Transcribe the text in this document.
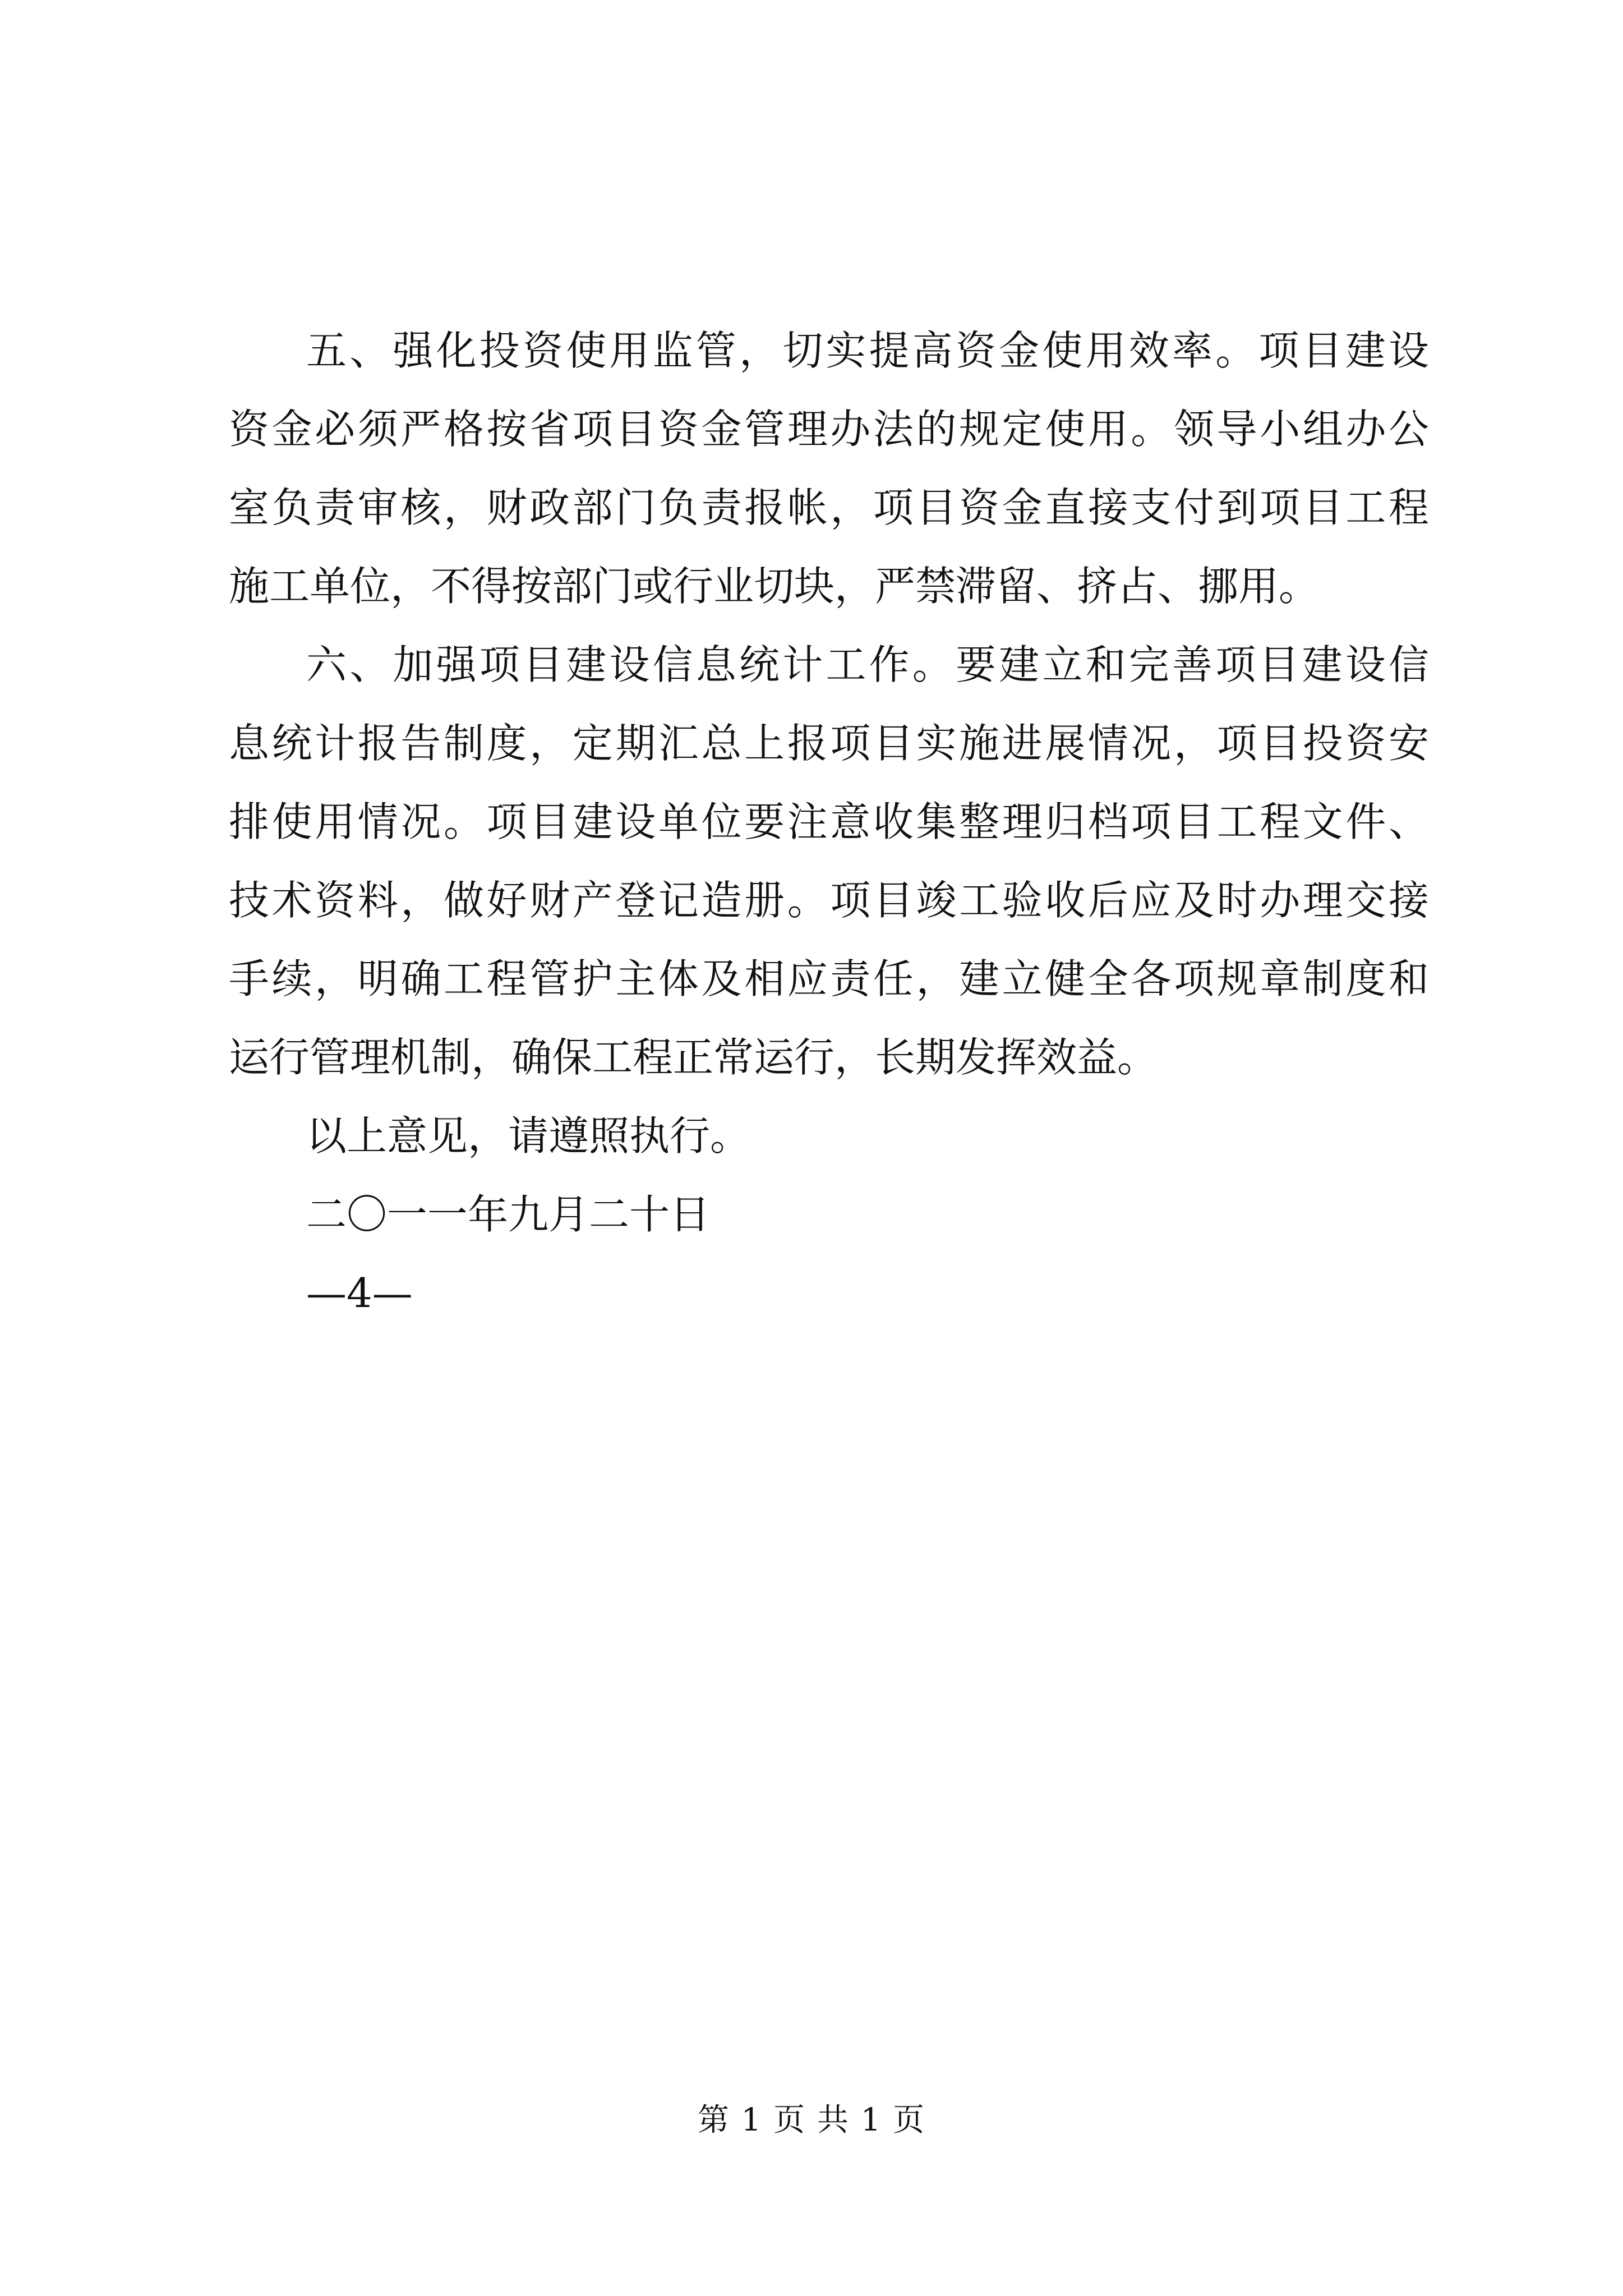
五、强化投资使用监管，切实提高资金使用效率。项目建设
资金必须严格按省项目资金管理办法的规定使用。领导小组办公
室负责审核，财政部门负责报帐，项目资金直接支付到项目工程
施工单位，不得按部门或行业切块，严禁滞留、挤占、挪用。
六、加强项目建设信息统计工作。要建立和完善项目建设信
息统计报告制度，定期汇总上报项目实施进展情况，项目投资安
排使用情况。项目建设单位要注意收集整理归档项目工程文件、
技术资料，做好财产登记造册。项目竣工验收后应及时办理交接
手续，明确工程管护主体及相应责任，建立健全各项规章制度和
运行管理机制，确保工程正常运行，长期发挥效益。
以上意见，请遵照执行。
二〇一一年九月二十日
—4—
第 1 页 共 1 页
